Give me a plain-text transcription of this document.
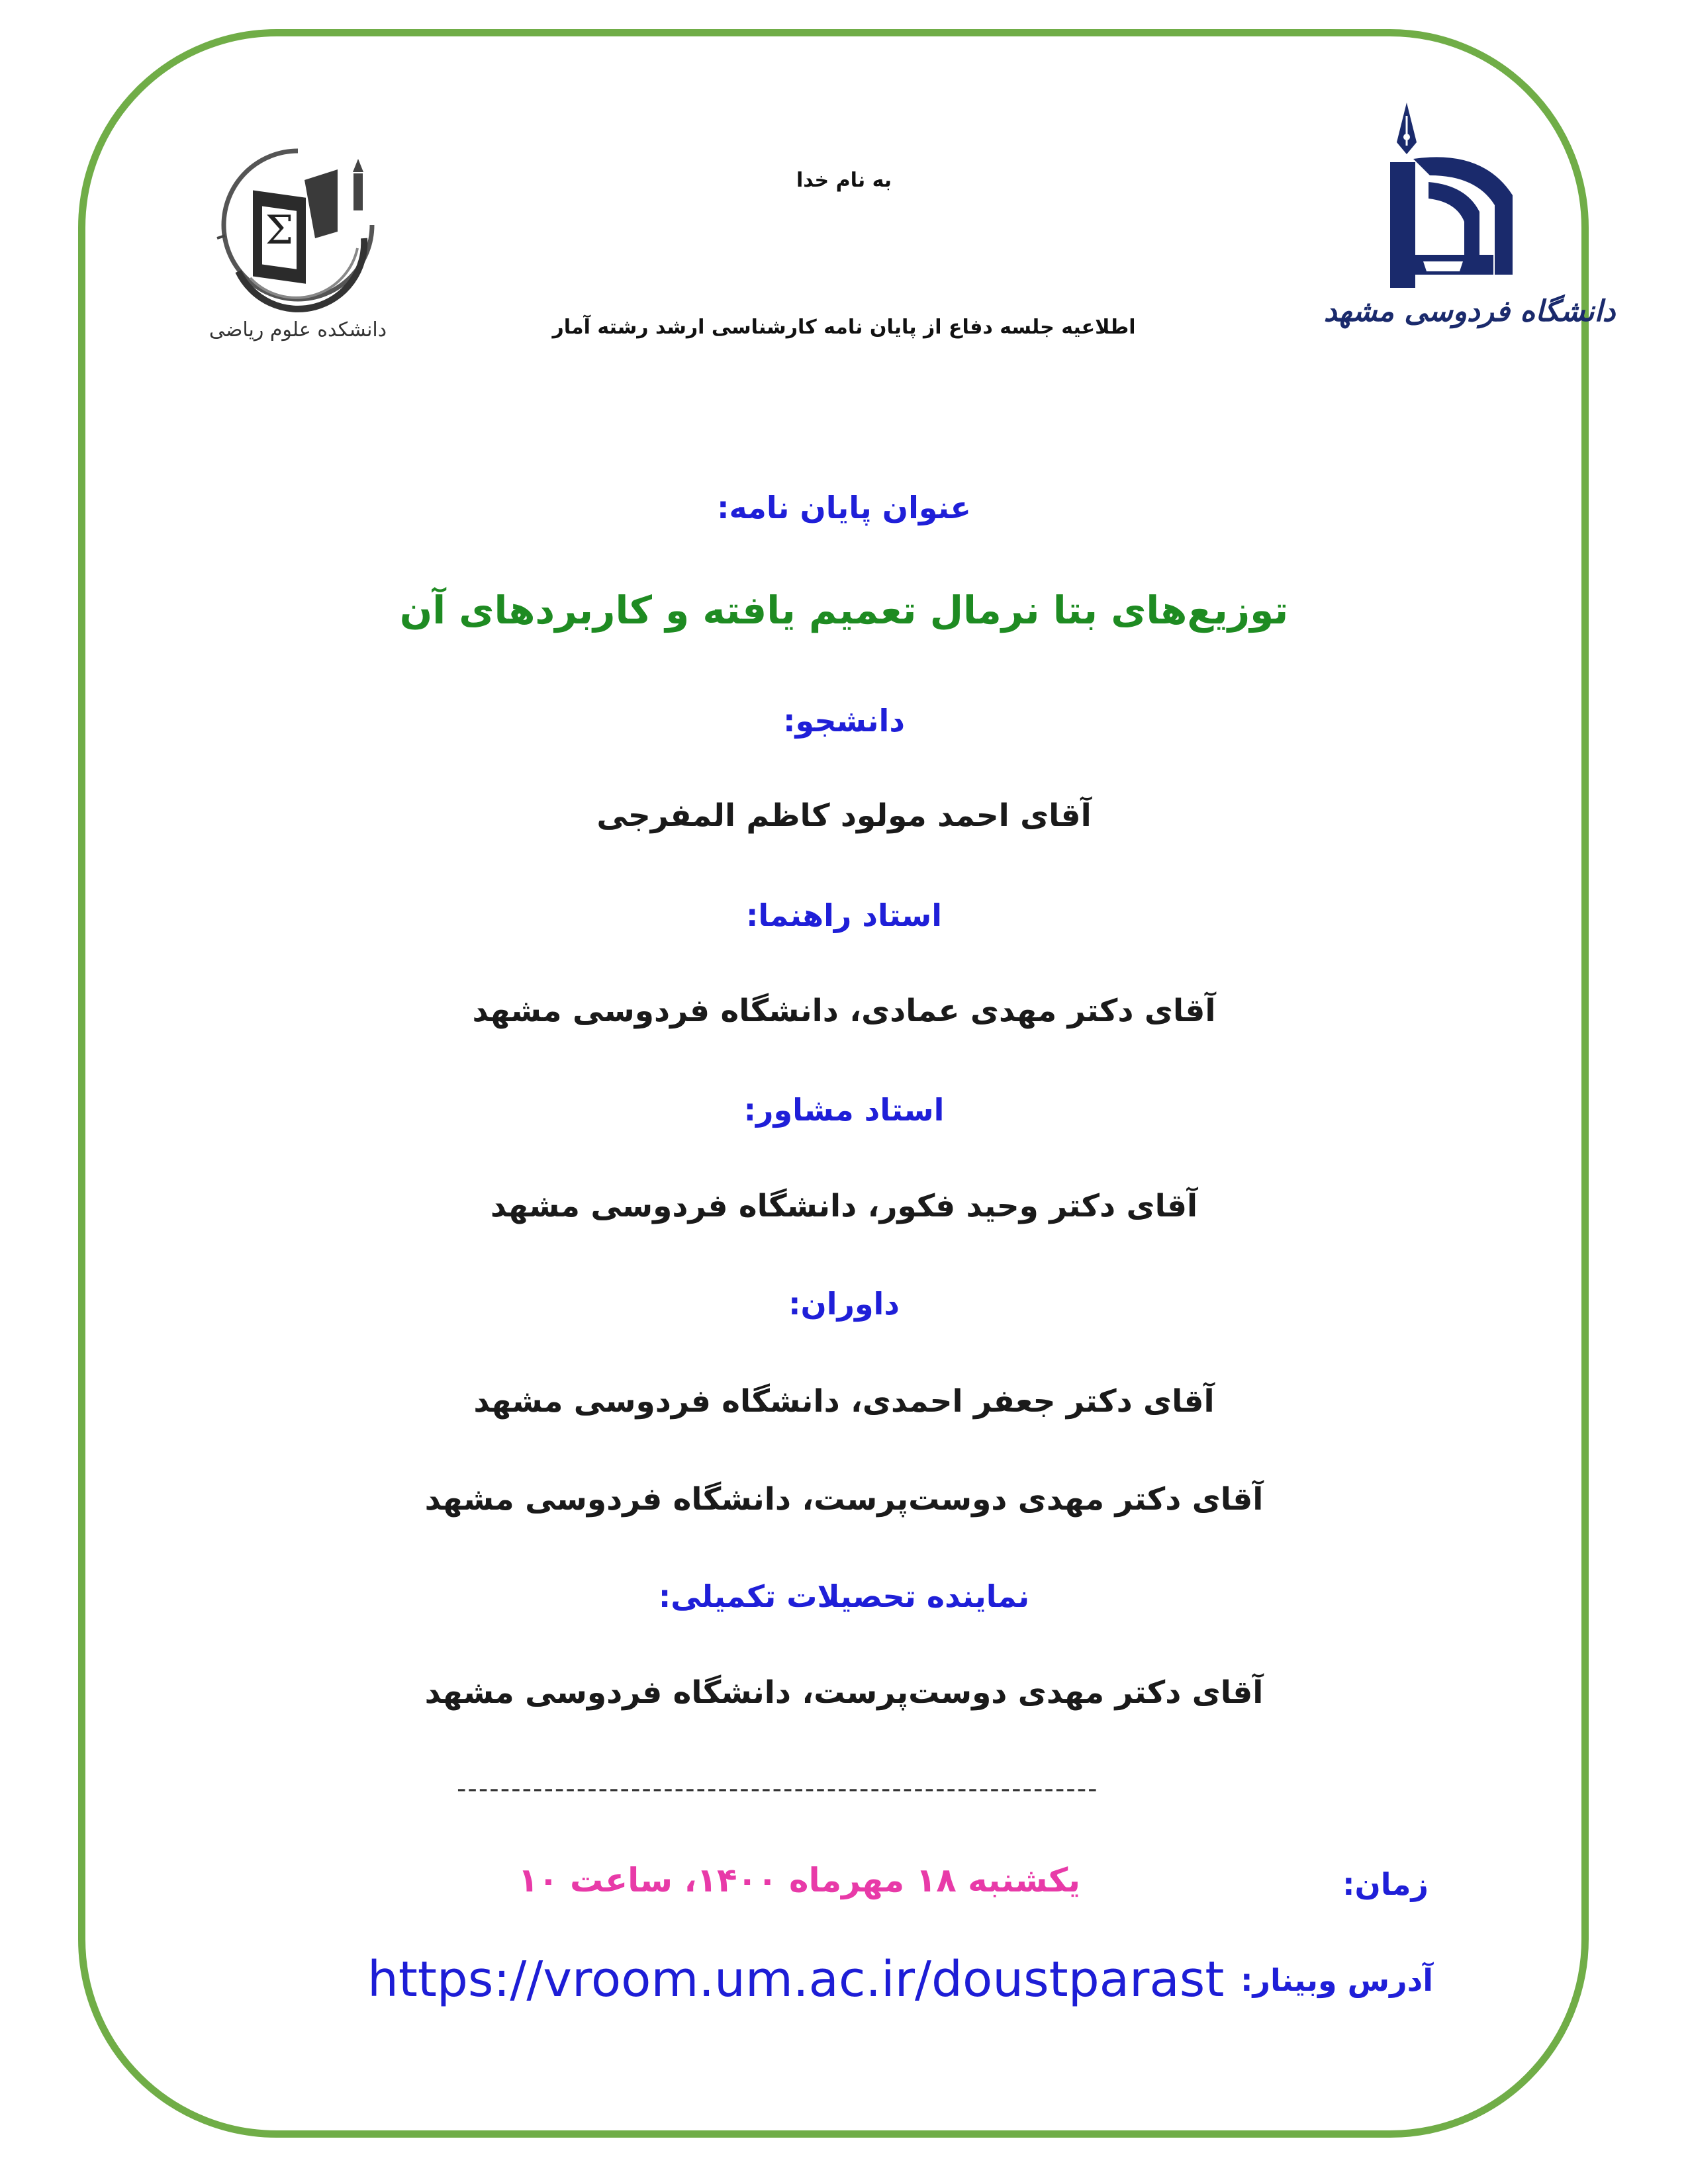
Σ
دانشکده علوم ریاضی
دانشگاه فردوسی مشهد
به نام خدا
اطلاعیه جلسه دفاع از پایان نامه کارشناسی ارشد رشته آمار
عنوان پایان نامه:
توزیع‌های بتا نرمال تعمیم یافته و کاربردهای آن
دانشجو:
آقای احمد مولود کاظم المفرجی
استاد راهنما:
آقای دکتر مهدی عمادی، دانشگاه فردوسی مشهد
استاد مشاور:
آقای دکتر وحید فکور، دانشگاه فردوسی مشهد
داوران:
آقای دکتر جعفر احمدی، دانشگاه فردوسی مشهد
آقای دکتر مهدی دوست‌پرست، دانشگاه فردوسی مشهد
نماینده تحصیلات تکمیلی:
آقای دکتر مهدی دوست‌پرست، دانشگاه فردوسی مشهد
-----------------------------------------------------------
زمان:
یکشنبه ۱۸ مهرماه ۱۴۰۰، ساعت ۱۰
آدرس وبینار:
https://vroom.um.ac.ir/doustparast
